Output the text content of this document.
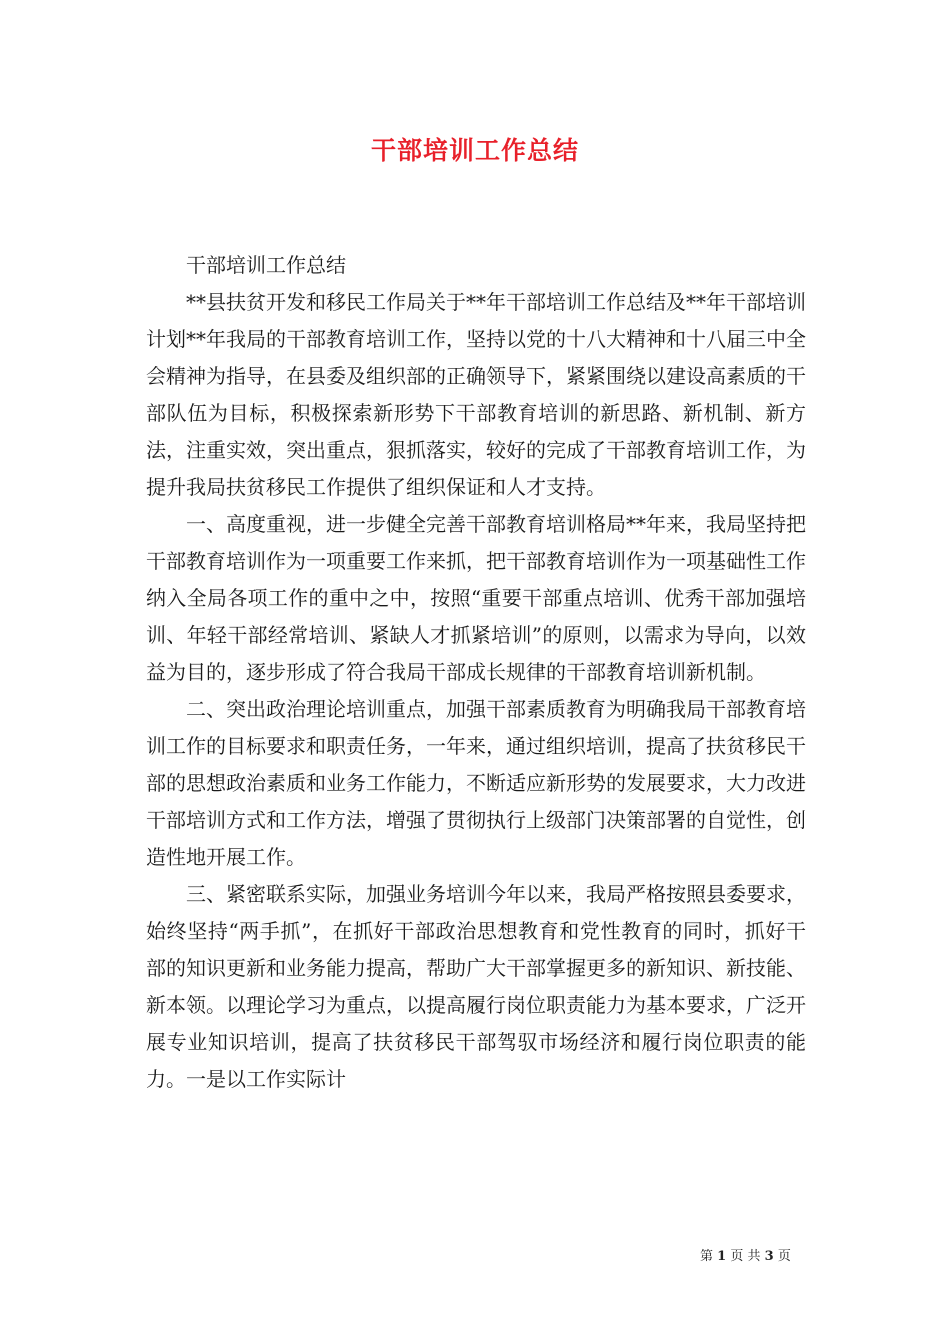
干部培训工作总结

干部培训工作总结

**县扶贫开发和移民工作局关于**年干部培训工作总结及**年干部培训计划**年我局的干部教育培训工作，坚持以党的十八大精神和十八届三中全会精神为指导，在县委及组织部的正确领导下，紧紧围绕以建设高素质的干部队伍为目标，积极探索新形势下干部教育培训的新思路、新机制、新方法，注重实效，突出重点，狠抓落实，较好的完成了干部教育培训工作，为提升我局扶贫移民工作提供了组织保证和人才支持。

一、高度重视，进一步健全完善干部教育培训格局**年来，我局坚持把干部教育培训作为一项重要工作来抓，把干部教育培训作为一项基础性工作纳入全局各项工作的重中之中，按照“重要干部重点培训、优秀干部加强培训、年轻干部经常培训、紧缺人才抓紧培训”的原则，以需求为导向，以效益为目的，逐步形成了符合我局干部成长规律的干部教育培训新机制。

二、突出政治理论培训重点，加强干部素质教育为明确我局干部教育培训工作的目标要求和职责任务，一年来，通过组织培训，提高了扶贫移民干部的思想政治素质和业务工作能力，不断适应新形势的发展要求，大力改进干部培训方式和工作方法，增强了贯彻执行上级部门决策部署的自觉性，创造性地开展工作。

三、紧密联系实际，加强业务培训今年以来，我局严格按照县委要求，始终坚持“两手抓”，在抓好干部政治思想教育和党性教育的同时，抓好干部的知识更新和业务能力提高，帮助广大干部掌握更多的新知识、新技能、新本领。以理论学习为重点，以提高履行岗位职责能力为基本要求，广泛开展专业知识培训，提高了扶贫移民干部驾驭市场经济和履行岗位职责的能力。一是以工作实际计

第 1 页 共 3 页
